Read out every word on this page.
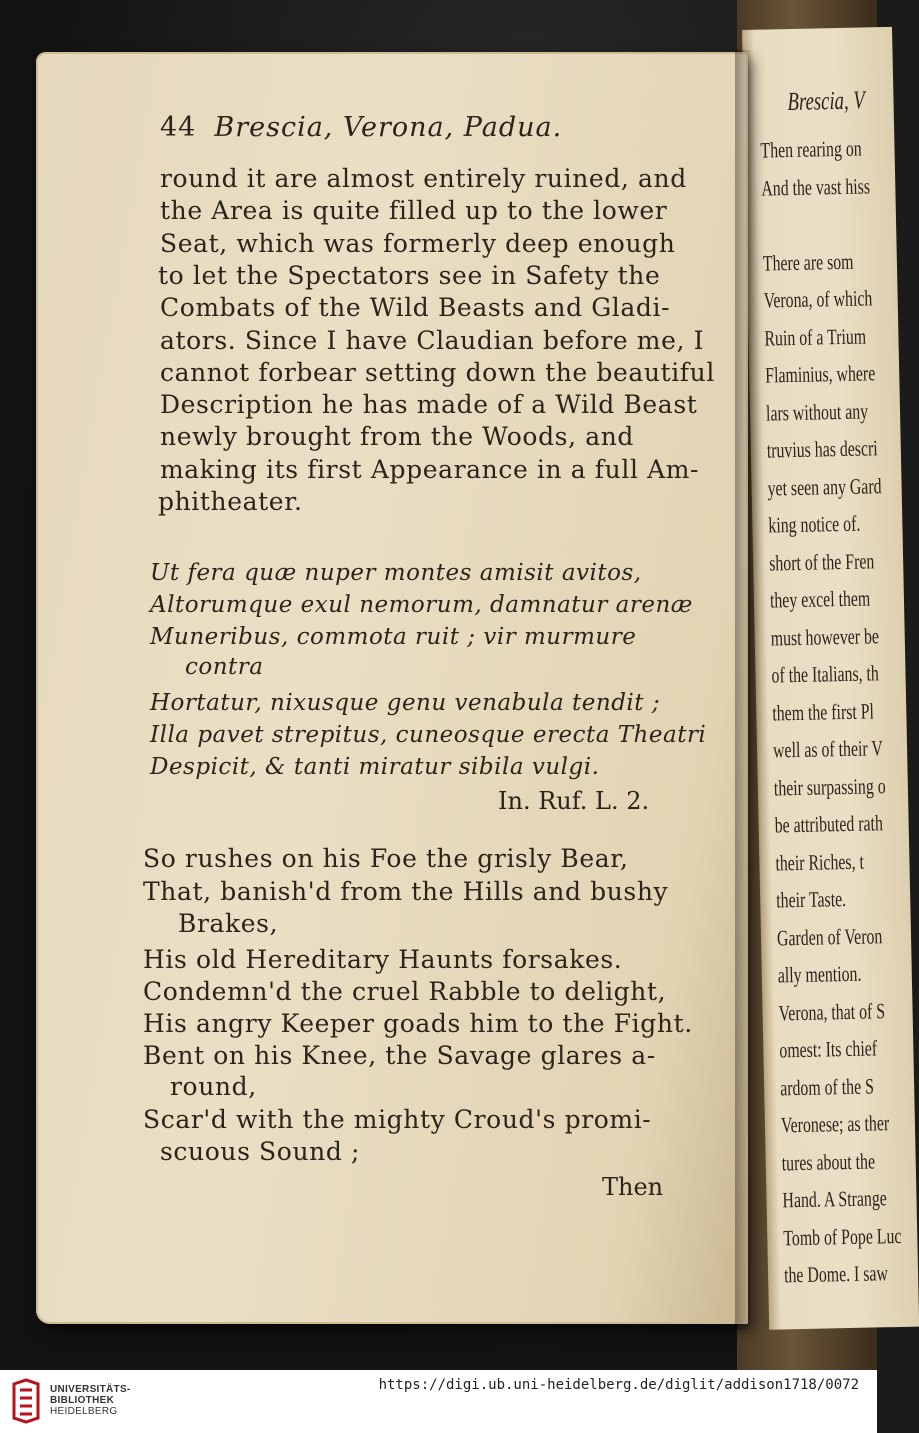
Brescia, V
Then rearing on
And the vast hiss
There are som
Verona, of which
Ruin of a Trium
Flaminius, where
lars without any
truvius has descri
yet seen any Gard
king notice of.
short of the Fren
they excel them
must however be
of the Italians, th
them the first Pl
well as of their V
their surpassing o
be attributed rath
their Riches, t
their Taste.
Garden of Veron
ally mention.
Verona, that of S
omest: Its chief
ardom of the S
Veronese; as ther
tures about the
Hand. A Strange
Tomb of Pope Luc
the Dome. I saw
44 Brescia, Verona, Padua.
round it are almost entirely ruined, and
the Area is quite filled up to the lower
Seat, which was formerly deep enough
to let the Spectators see in Safety the
Combats of the Wild Beasts and Gladi-
ators. Since I have Claudian before me, I
cannot forbear setting down the beautiful
Description he has made of a Wild Beast
newly brought from the Woods, and
making its first Appearance in a full Am-
phitheater.
Ut fera quæ nuper montes amisit avitos,
Altorumque exul nemorum, damnatur arenæ
Muneribus, commota ruit ; vir murmure
contra
Hortatur, nixusque genu venabula tendit ;
Illa pavet strepitus, cuneosque erecta Theatri
Despicit, & tanti miratur sibila vulgi.
In. Ruf. L. 2.
So rushes on his Foe the grisly Bear,
That, banish'd from the Hills and bushy
Brakes,
His old Hereditary Haunts forsakes.
Condemn'd the cruel Rabble to delight,
His angry Keeper goads him to the Fight.
Bent on his Knee, the Savage glares a-
round,
Scar'd with the mighty Croud's promi-
scuous Sound ;
Then
UNIVERSITÄTS-
BIBLIOTHEK
HEIDELBERG
https://digi.ub.uni-heidelberg.de/diglit/addison1718/0072
